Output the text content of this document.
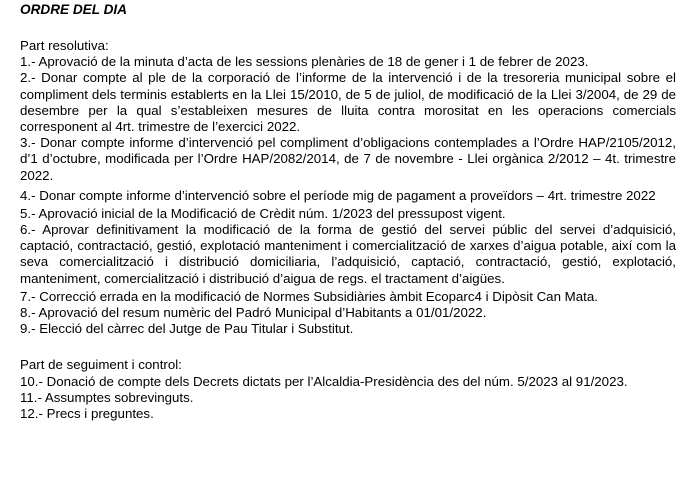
ORDRE DEL DIA

Part resolutiva:

1.- Aprovació de la minuta d’acta de les sessions plenàries de 18 de gener i 1 de febrer de 2023.

2.- Donar compte al ple de la corporació de l’informe de la intervenció i de la tresoreria municipal sobre el compliment dels terminis establerts en la Llei 15/2010, de 5 de juliol, de modificació de la Llei 3/2004, de 29 de desembre per la qual s’estableixen mesures de lluita contra morositat en les operacions comercials corresponent al 4rt. trimestre de l’exercici 2022.

3.- Donar compte informe d’intervenció pel compliment d’obligacions contemplades a l’Ordre HAP/2105/2012, d’1 d’octubre, modificada per l’Ordre HAP/2082/2014, de 7 de novembre - Llei orgànica 2/2012 – 4t. trimestre 2022.

4.- Donar compte informe d’intervenció sobre el període mig de pagament a proveïdors – 4rt. trimestre 2022

5.- Aprovació inicial de la Modificació de Crèdit núm. 1/2023 del pressupost vigent.

6.- Aprovar definitivament la modificació de la forma de gestió del servei públic del servei d’adquisició, captació, contractació, gestió, explotació manteniment i comercialització de xarxes d’aigua potable, així com la seva comercialització i distribució domiciliaria, l’adquisició, captació, contractació, gestió, explotació, manteniment, comercialització i distribució d’aigua de regs. el tractament d’aigües.

7.- Correcció errada en la modificació de Normes Subsidiàries àmbit Ecoparc4 i Dipòsit Can Mata.

8.- Aprovació del resum numèric del Padró Municipal d’Habitants a 01/01/2022.

9.- Elecció del càrrec del Jutge de Pau Titular i Substitut.

Part de seguiment i control:

10.- Donació de compte dels Decrets dictats per l’Alcaldia-Presidència des del núm. 5/2023 al 91/2023.

11.- Assumptes sobrevinguts.

12.- Precs i preguntes.
